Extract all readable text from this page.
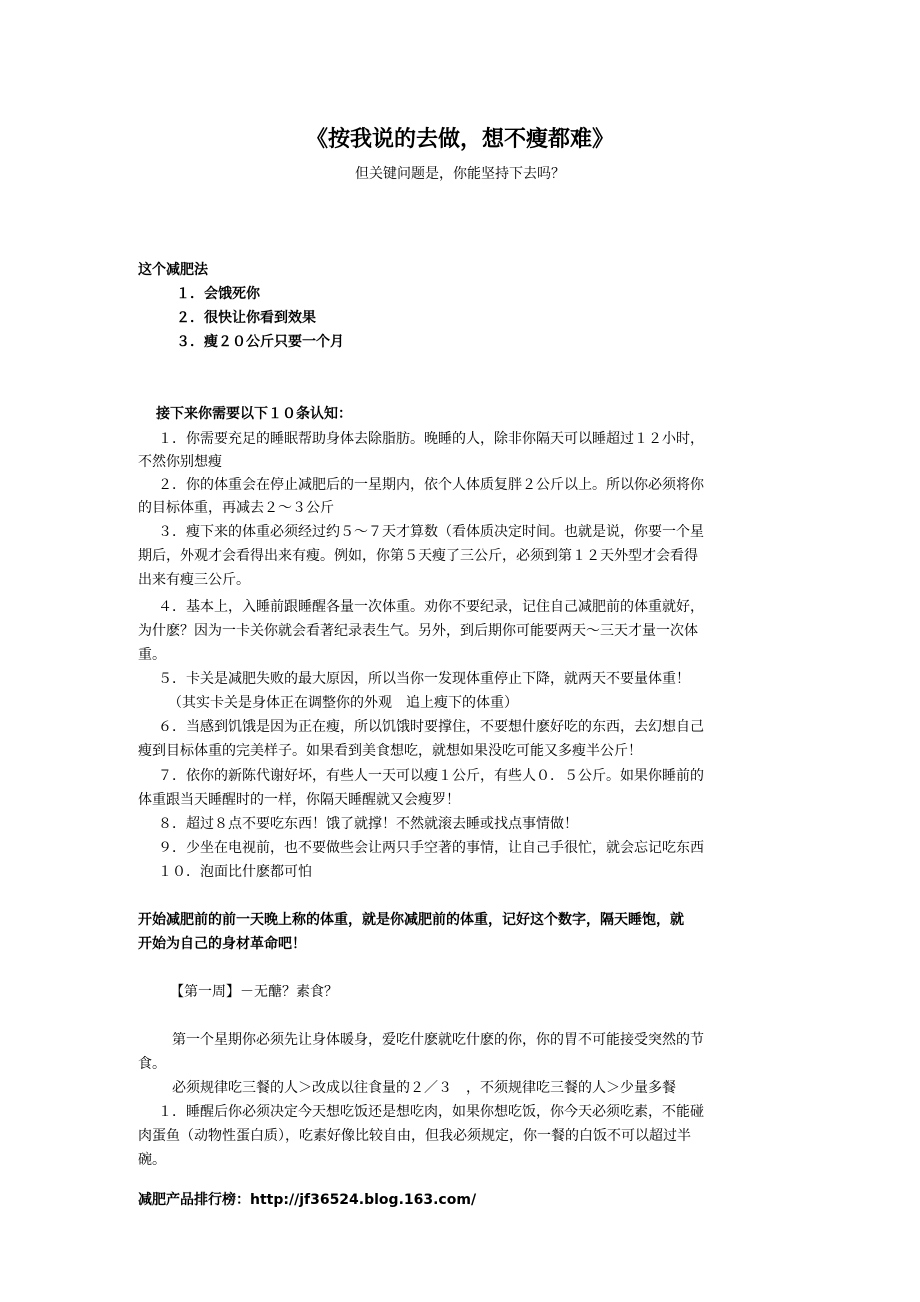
《按我说的去做，想不瘦都难》
但关键问题是，你能坚持下去吗？
这个减肥法
１．会饿死你
２．很快让你看到效果
３．瘦２０公斤只要一个月
接下来你需要以下１０条认知：
１．你需要充足的睡眠帮助身体去除脂肪。晚睡的人，除非你隔天可以睡超过１２小时，
不然你别想瘦
２．你的体重会在停止减肥后的一星期内，依个人体质复胖２公斤以上。所以你必须将你
的目标体重，再减去２～３公斤
３．瘦下来的体重必须经过约５～７天才算数（看体质决定时间。也就是说，你要一个星
期后，外观才会看得出来有瘦。例如，你第５天瘦了三公斤，必须到第１２天外型才会看得
出来有瘦三公斤。
４．基本上，入睡前跟睡醒各量一次体重。劝你不要纪录，记住自己减肥前的体重就好，
为什麽？因为一卡关你就会看著纪录表生气。另外，到后期你可能要两天～三天才量一次体
重。
５．卡关是减肥失败的最大原因，所以当你一发现体重停止下降，就两天不要量体重！
（其实卡关是身体正在调整你的外观　追上瘦下的体重）
６．当感到饥饿是因为正在瘦，所以饥饿时要撑住，不要想什麽好吃的东西，去幻想自己
瘦到目标体重的完美样子。如果看到美食想吃，就想如果没吃可能又多瘦半公斤！
７．依你的新陈代谢好坏，有些人一天可以瘦１公斤，有些人０．５公斤。如果你睡前的
体重跟当天睡醒时的一样，你隔天睡醒就又会瘦罗！
８．超过８点不要吃东西！饿了就撑！不然就滚去睡或找点事情做！
９．少坐在电视前，也不要做些会让两只手空著的事情，让自己手很忙，就会忘记吃东西
１０．泡面比什麽都可怕
开始减肥前的前一天晚上称的体重，就是你减肥前的体重，记好这个数字，隔天睡饱，就
开始为自己的身材革命吧！
【第一周】－无醣？素食？
第一个星期你必须先让身体暖身，爱吃什麽就吃什麽的你，你的胃不可能接受突然的节
食。
必须规律吃三餐的人＞改成以往食量的２／３　，不须规律吃三餐的人＞少量多餐
１．睡醒后你必须决定今天想吃饭还是想吃肉，如果你想吃饭，你今天必须吃素，不能碰
肉蛋鱼（动物性蛋白质），吃素好像比较自由，但我必须规定，你一餐的白饭不可以超过半
碗。
减肥产品排行榜：http://jf36524.blog.163.com/
